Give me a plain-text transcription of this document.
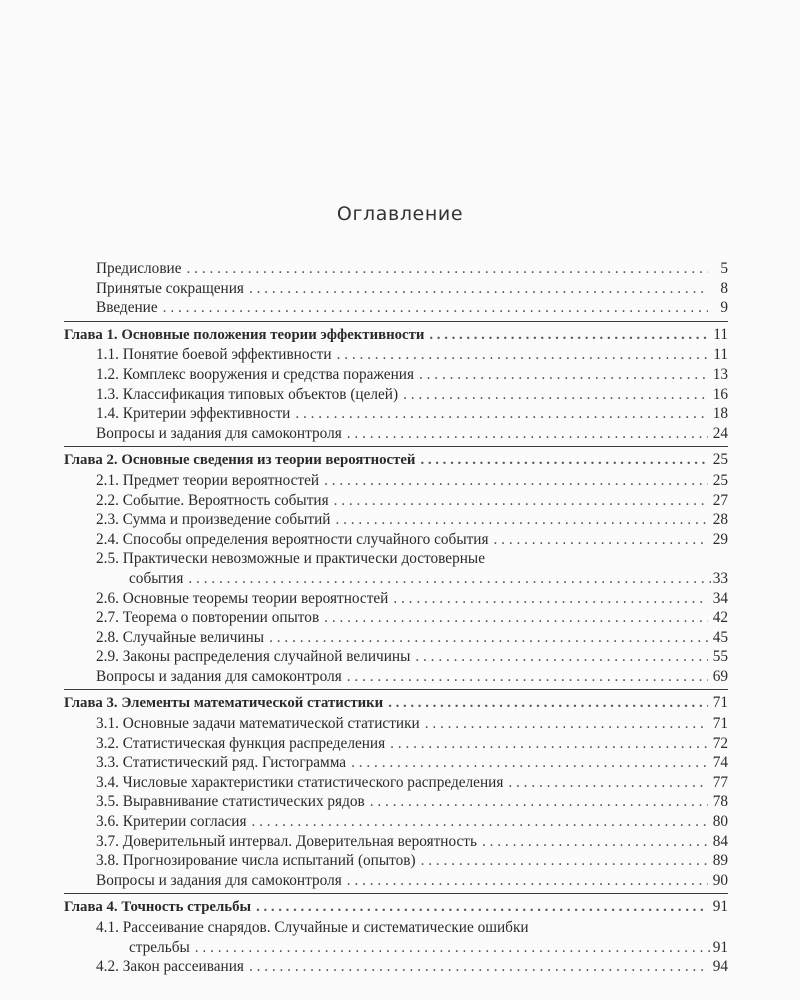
Оглавление
Предисловие . . .	5
Принятые сокращения . . .	8
Введение . . .	9
Глава 1. Основные положения теории эффективности . . .	11
1.1. Понятие боевой эффективности . . .	11
1.2. Комплекс вооружения и средства поражения . . .	13
1.3. Классификация типовых объектов (целей) . . .	16
1.4. Критерии эффективности . . .	18
Вопросы и задания для самоконтроля . . .	24
Глава 2. Основные сведения из теории вероятностей . . .	25
2.1. Предмет теории вероятностей . . .	25
2.2. Событие. Вероятность события . . .	27
2.3. Сумма и произведение событий . . .	28
2.4. Способы определения вероятности случайного события . . .	29
2.5. Практически невозможные и практически достоверные
события . . .	33
2.6. Основные теоремы теории вероятностей . . .	34
2.7. Теорема о повторении опытов . . .	42
2.8. Случайные величины . . .	45
2.9. Законы распределения случайной величины . . .	55
Вопросы и задания для самоконтроля . . .	69
Глава 3. Элементы математической статистики . . .	71
3.1. Основные задачи математической статистики . . .	71
3.2. Статистическая функция распределения . . .	72
3.3. Статистический ряд. Гистограмма . . .	74
3.4. Числовые характеристики статистического распределения . . .	77
3.5. Выравнивание статистических рядов . . .	78
3.6. Критерии согласия . . .	80
3.7. Доверительный интервал. Доверительная вероятность . . .	84
3.8. Прогнозирование числа испытаний (опытов) . . .	89
Вопросы и задания для самоконтроля . . .	90
Глава 4. Точность стрельбы . . .	91
4.1. Рассеивание снарядов. Случайные и систематические ошибки
стрельбы . . .	91
4.2. Закон рассеивания . . .	94
